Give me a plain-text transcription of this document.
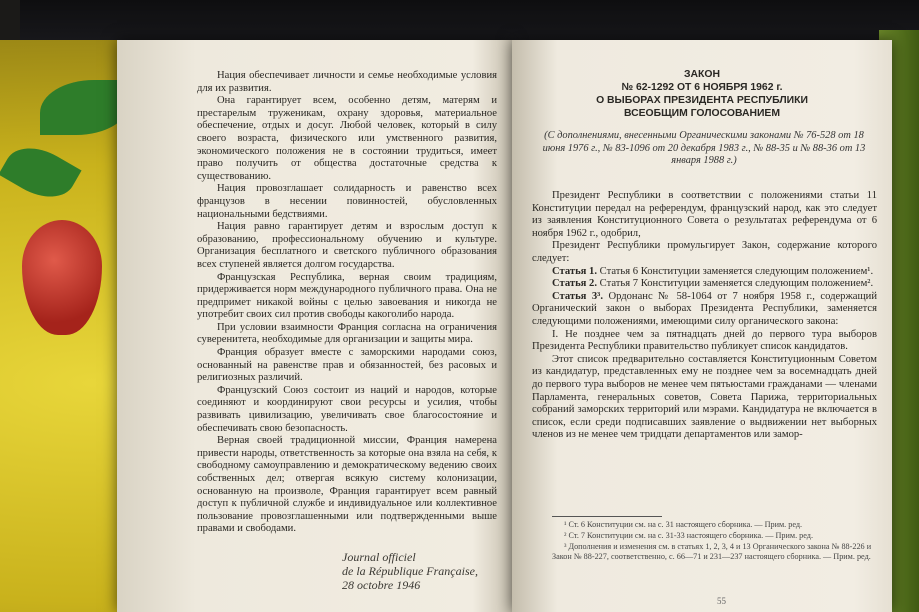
Нация обеспечивает личности и семье необходимые условия для их развития.

Она гарантирует всем, особенно детям, матерям и престарелым труженикам, охрану здоровья, материальное обеспечение, отдых и досуг. Любой человек, который в силу своего возраста, физического или умственного развития, экономического положения не в состоянии трудиться, имеет право получить от общества достаточные средства к существованию.

Нация провозглашает солидарность и равенство всех французов в несении повинностей, обусловленных национальными бедствиями.

Нация равно гарантирует детям и взрослым доступ к образованию, профессиональному обучению и культуре. Организация бесплатного и светского публичного образования всех ступеней является долгом государства.

Французская Республика, верная своим традициям, придерживается норм международного публичного права. Она не предпримет никакой войны с целью завоевания и никогда не употребит своих сил против свободы какоголибо народа.

При условии взаимности Франция согласна на ограничения суверенитета, необходимые для организации и защиты мира.

Франция образует вместе с заморскими народами союз, основанный на равенстве прав и обязанностей, без расовых и религиозных различий.

Французский Союз состоит из наций и народов, которые соединяют и координируют свои ресурсы и усилия, чтобы развивать цивилизацию, увеличивать свое благосостояние и обеспечивать свою безопасность.

Верная своей традиционной миссии, Франция намерена привести народы, ответственность за которые она взяла на себя, к свободному самоуправлению и демократическому ведению своих собственных дел; отвергая всякую систему колонизации, основанную на произволе, Франция гарантирует всем равный доступ к публичной службе и индивидуальное или коллективное пользование провозглашенными или подтвержденными выше правами и свободами.

Journal officiel
de la République Française,
28 octobre 1946
ЗАКОН
№ 62-1292 ОТ 6 НОЯБРЯ 1962 г.
О ВЫБОРАХ ПРЕЗИДЕНТА РЕСПУБЛИКИ
ВСЕОБЩИМ ГОЛОСОВАНИЕМ
(С дополнениями, внесенными Органическими законами № 76-528 от 18 июня 1976 г., № 83-1096 от 20 декабря 1983 г., № 88-35 и № 88-36 от 13 января 1988 г.)

Президент Республики в соответствии с положениями статьи 11 Конституции передал на референдум, французский народ, как это следует из заявления Конституционного Совета о результатах референдума от 6 ноября 1962 г., одобрил,

Президент Республики промульгирует Закон, содержание которого следует:

Статья 1. Статья 6 Конституции заменяется следующим положением¹.

Статья 2. Статья 7 Конституции заменяется следующим положением².

Статья 3³. Ордонанс № 58-1064 от 7 ноября 1958 г., содержащий Органический закон о выборах Президента Республики, заменяется следующими положениями, имеющими силу органического закона:

I. Не позднее чем за пятнадцать дней до первого тура выборов Президента Республики правительство публикует список кандидатов.

Этот список предварительно составляется Конституционным Советом из кандидатур, представленных ему не позднее чем за восемнадцать дней до первого тура выборов не менее чем пятьюстами гражданами — членами Парламента, генеральных советов, Совета Парижа, территориальных собраний заморских территорий или мэрами. Кандидатура не включается в список, если среди подписавших заявление о выдвижении нет выборных членов из не менее чем тридцати департаментов или замор-

¹ Ст. 6 Конституции см. на с. 31 настоящего сборника. — Прим. ред.

² Ст. 7 Конституции см. на с. 31-33 настоящего сборника. — Прим. ред.

³ Дополнения и изменения см. в статьях 1, 2, 3, 4 и 13 Органического закона № 88-226 и Закон № 88-227, соответственно, с. 66—71 и 231—237 настоящего сборника. — Прим. ред.

55
